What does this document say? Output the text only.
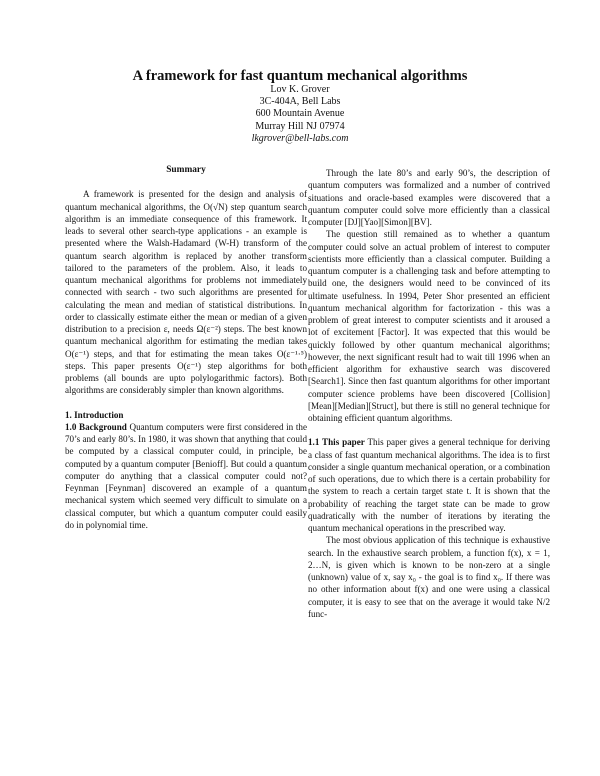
A framework for fast quantum mechanical algorithms
Lov K. Grover
3C-404A, Bell Labs
600 Mountain Avenue
Murray Hill NJ 07974
lkgrover@bell-labs.com
Summary

A framework is presented for the design and analysis of quantum mechanical algorithms, the O(√N) step quantum search algorithm is an immediate consequence of this framework. It leads to several other search-type applications - an example is presented where the Walsh-Hadamard (W-H) transform of the quantum search algorithm is replaced by another transform tailored to the parameters of the problem. Also, it leads to quantum mechanical algorithms for problems not immediately connected with search - two such algorithms are presented for calculating the mean and median of statistical distributions. In order to classically estimate either the mean or median of a given distribution to a precision ε, needs Ω(ε⁻²) steps. The best known quantum mechanical algorithm for estimating the median takes O(ε⁻¹) steps, and that for estimating the mean takes O(ε⁻¹·⁵) steps. This paper presents O(ε⁻¹) step algorithms for both problems (all bounds are upto polylogarithmic factors). Both algorithms are considerably simpler than known algorithms.

1. Introduction

1.0 Background Quantum computers were first considered in the 70’s and early 80’s. In 1980, it was shown that anything that could be computed by a classical computer could, in principle, be computed by a quantum computer [Benioff]. But could a quantum computer do anything that a classical computer could not? Feynman [Feynman] discovered an example of a quantum mechanical system which seemed very difficult to simulate on a classical computer, but which a quantum computer could easily do in polynomial time.

Through the late 80’s and early 90’s, the description of quantum computers was formalized and a number of contrived situations and oracle-based examples were discovered that a quantum computer could solve more efficiently than a classical computer [DJ][Yao][Simon][BV].

The question still remained as to whether a quantum computer could solve an actual problem of interest to computer scientists more efficiently than a classical computer. Building a quantum computer is a challenging task and before attempting to build one, the designers would need to be convinced of its ultimate usefulness. In 1994, Peter Shor presented an efficient quantum mechanical algorithm for factorization - this was a problem of great interest to computer scientists and it aroused a lot of excitement [Factor]. It was expected that this would be quickly followed by other quantum mechanical algorithms; however, the next significant result had to wait till 1996 when an efficient algorithm for exhaustive search was discovered [Search1]. Since then fast quantum algorithms for other important computer science problems have been discovered [Collision][Mean][Median][Struct], but there is still no general technique for obtaining efficient quantum algorithms.

1.1 This paper This paper gives a general technique for deriving a class of fast quantum mechanical algorithms. The idea is to first consider a single quantum mechanical operation, or a combination of such operations, due to which there is a certain probability for the system to reach a certain target state t. It is shown that the probability of reaching the target state can be made to grow quadratically with the number of iterations by iterating the quantum mechanical operations in the prescribed way.

The most obvious application of this technique is exhaustive search. In the exhaustive search problem, a function f(x), x = 1, 2…N, is given which is known to be non-zero at a single (unknown) value of x, say x₀ - the goal is to find x₀. If there was no other information about f(x) and one were using a classical computer, it is easy to see that on the average it would take N/2 func-
